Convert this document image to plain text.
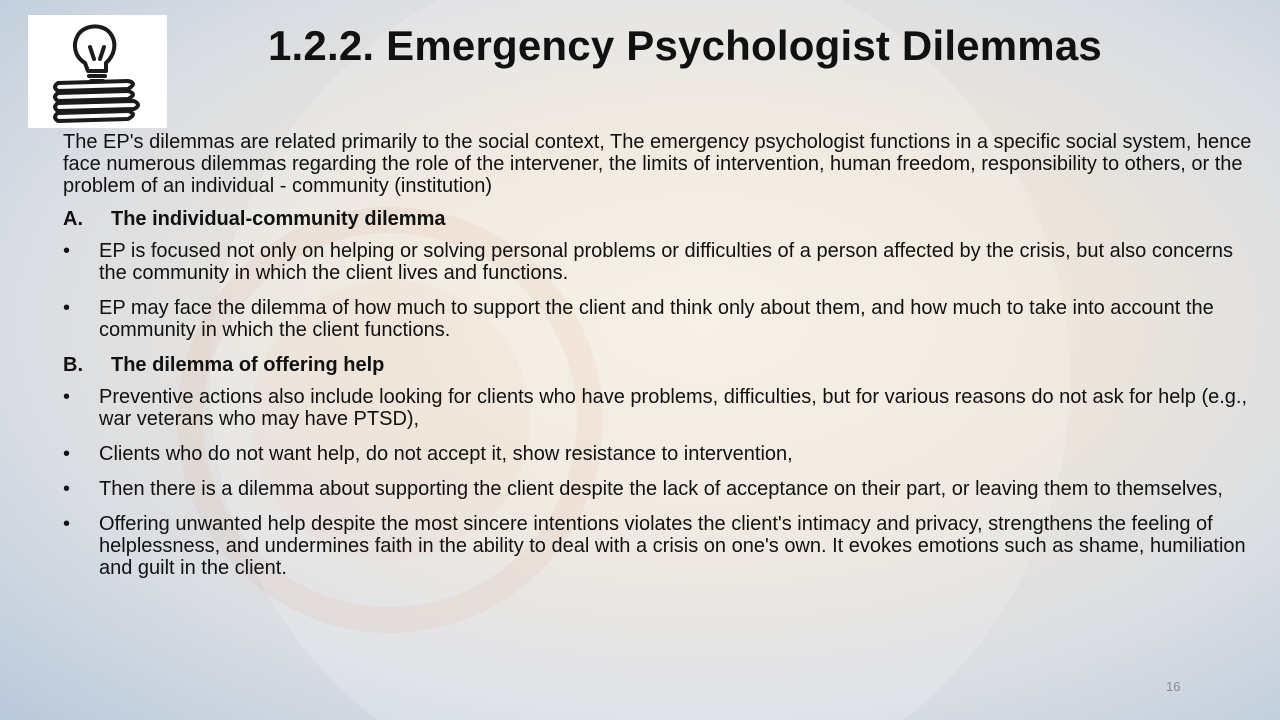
1.2.2. Emergency Psychologist Dilemmas

The EP's dilemmas are related primarily to the social context, The emergency psychologist functions in a specific social system, hence face numerous dilemmas regarding the role of the intervener, the limits of intervention, human freedom, responsibility to others, or the problem of an individual - community (institution)

A.	The individual-community dilemma
• EP is focused not only on helping or solving personal problems or difficulties of a person affected by the crisis, but also concerns the community in which the client lives and functions.
• EP may face the dilemma of how much to support the client and think only about them, and how much to take into account the community in which the client functions.
B.	The dilemma of offering help
• Preventive actions also include looking for clients who have problems, difficulties, but for various reasons do not ask for help (e.g., war veterans who may have PTSD),
• Clients who do not want help, do not accept it, show resistance to intervention,
• Then there is a dilemma about supporting the client despite the lack of acceptance on their part, or leaving them to themselves,
• Offering unwanted help despite the most sincere intentions violates the client's intimacy and privacy, strengthens the feeling of helplessness, and undermines faith in the ability to deal with a crisis on one's own. It evokes emotions such as shame, humiliation and guilt in the client.
16
